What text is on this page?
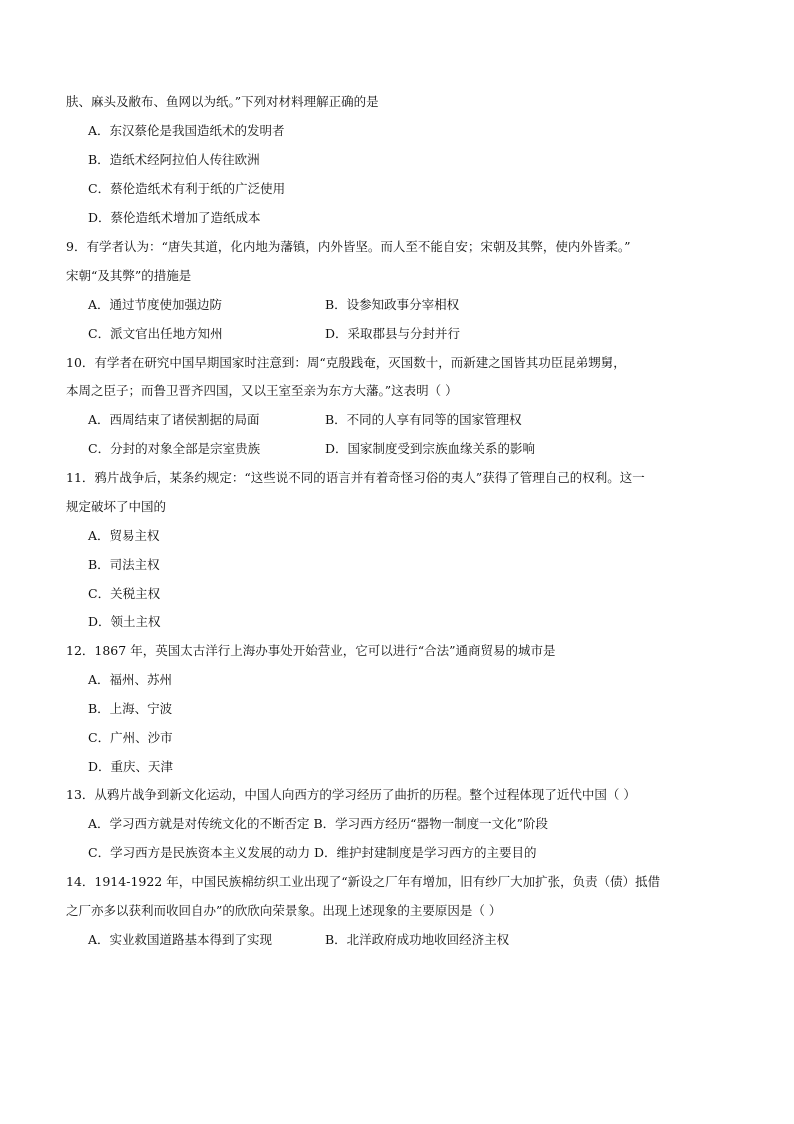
肤、麻头及敝布、鱼网以为纸。”下列对材料理解正确的是
A．东汉蔡伦是我国造纸术的发明者
B．造纸术经阿拉伯人传往欧洲
C．蔡伦造纸术有利于纸的广泛使用
D．蔡伦造纸术增加了造纸成本
9．有学者认为：“唐失其道，化内地为藩镇，内外皆坚。而人至不能自安；宋朝及其弊，使内外皆柔。”
宋朝“及其弊”的措施是
A．通过节度使加强边防	B．设参知政事分宰相权
C．派文官出任地方知州	D．采取郡县与分封并行
10．有学者在研究中国早期国家时注意到：周“克殷践奄，灭国数十，而新建之国皆其功臣昆弟甥舅，
本周之臣子；而鲁卫晋齐四国，又以王室至亲为东方大藩。”这表明（ ）
A．西周结束了诸侯割据的局面	B．不同的人享有同等的国家管理权
C．分封的对象全部是宗室贵族	D．国家制度受到宗族血缘关系的影响
11．鸦片战争后，某条约规定：“这些说不同的语言并有着奇怪习俗的夷人”获得了管理自己的权利。这一
规定破坏了中国的
A．贸易主权
B．司法主权
C．关税主权
D．领土主权
12．1867 年，英国太古洋行上海办事处开始营业，它可以进行“合法”通商贸易的城市是
A．福州、苏州
B．上海、宁波
C．广州、沙市
D．重庆、天津
13．从鸦片战争到新文化运动，中国人向西方的学习经历了曲折的历程。整个过程体现了近代中国（ ）
A．学习西方就是对传统文化的不断否定 B．学习西方经历“器物一制度一文化”阶段
C．学习西方是民族资本主义发展的动力 D．维护封建制度是学习西方的主要目的
14．1914-1922 年，中国民族棉纺织工业出现了“新设之厂年有增加，旧有纱厂大加扩张，负责（债）抵借
之厂亦多以获利而收回自办”的欣欣向荣景象。出现上述现象的主要原因是（ ）
A．实业救国道路基本得到了实现	B．北洋政府成功地收回经济主权
